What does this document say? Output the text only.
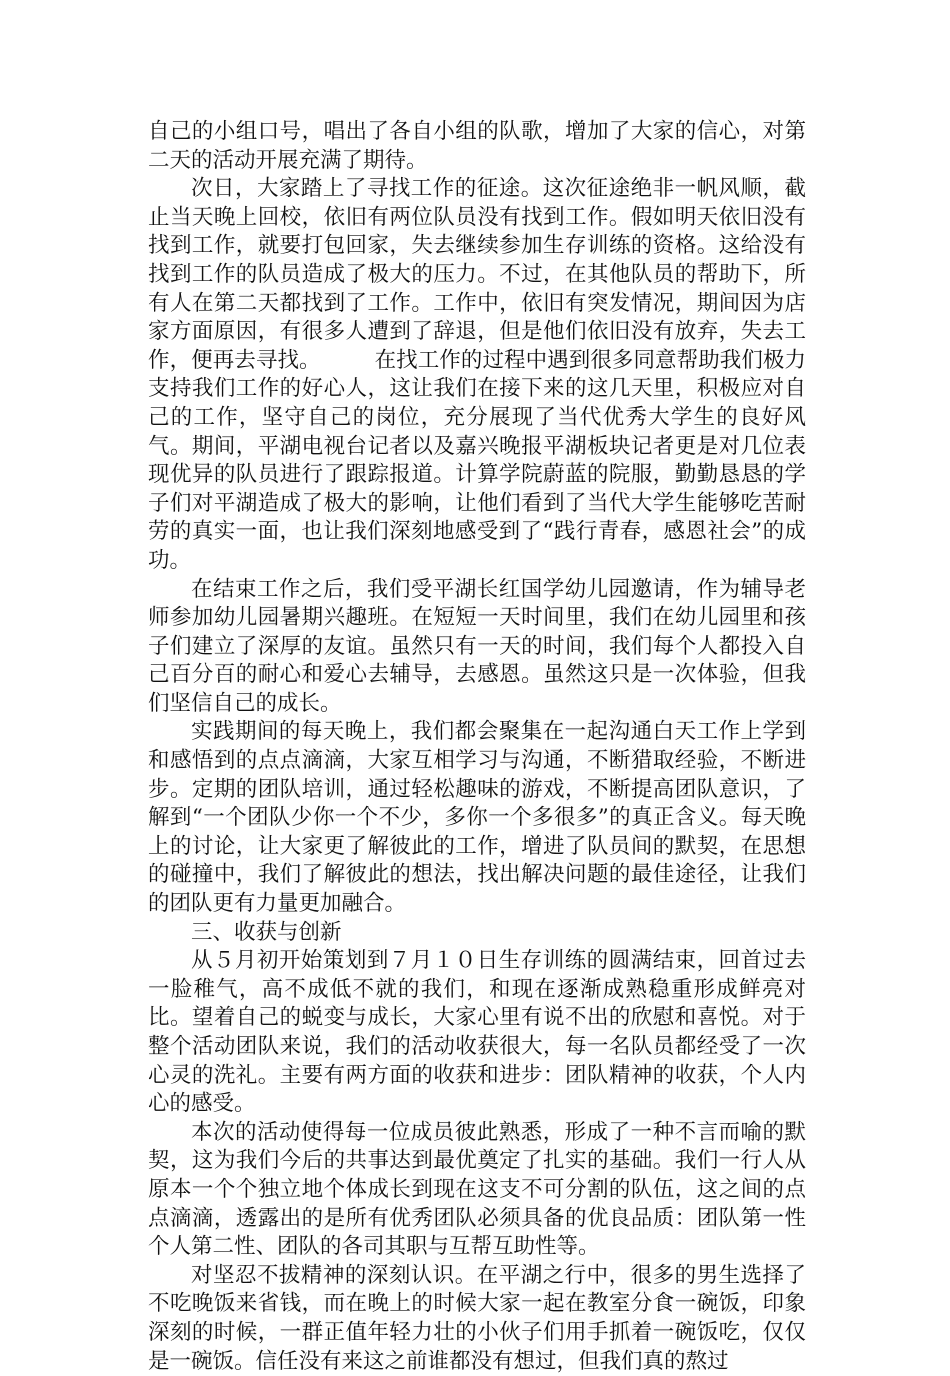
自己的小组口号，唱出了各自小组的队歌，增加了大家的信心，对第二天的活动开展充满了期待。

次日，大家踏上了寻找工作的征途。这次征途绝非一帆风顺，截止当天晚上回校，依旧有两位队员没有找到工作。假如明天依旧没有找到工作，就要打包回家，失去继续参加生存训练的资格。这给没有找到工作的队员造成了极大的压力。不过，在其他队员的帮助下，所有人在第二天都找到了工作。工作中，依旧有突发情况，期间因为店家方面原因，有很多人遭到了辞退，但是他们依旧没有放弃，失去工作，便再去寻找。　　　在找工作的过程中遇到很多同意帮助我们极力支持我们工作的好心人，这让我们在接下来的这几天里，积极应对自己的工作，坚守自己的岗位，充分展现了当代优秀大学生的良好风气。期间，平湖电视台记者以及嘉兴晚报平湖板块记者更是对几位表现优异的队员进行了跟踪报道。计算学院蔚蓝的院服，勤勤恳恳的学子们对平湖造成了极大的影响，让他们看到了当代大学生能够吃苦耐劳的真实一面，也让我们深刻地感受到了“践行青春，感恩社会”的成功。

在结束工作之后，我们受平湖长红国学幼儿园邀请，作为辅导老师参加幼儿园暑期兴趣班。在短短一天时间里，我们在幼儿园里和孩子们建立了深厚的友谊。虽然只有一天的时间，我们每个人都投入自己百分百的耐心和爱心去辅导，去感恩。虽然这只是一次体验，但我们坚信自己的成长。

实践期间的每天晚上，我们都会聚集在一起沟通白天工作上学到和感悟到的点点滴滴，大家互相学习与沟通，不断猎取经验，不断进步。定期的团队培训，通过轻松趣味的游戏，不断提高团队意识，了解到“一个团队少你一个不少，多你一个多很多”的真正含义。每天晚上的讨论，让大家更了解彼此的工作，增进了队员间的默契，在思想的碰撞中，我们了解彼此的想法，找出解决问题的最佳途径，让我们的团队更有力量更加融合。

三、收获与创新

从５月初开始策划到７月１０日生存训练的圆满结束，回首过去一脸稚气，高不成低不就的我们，和现在逐渐成熟稳重形成鲜亮对比。望着自己的蜕变与成长，大家心里有说不出的欣慰和喜悦。对于整个活动团队来说，我们的活动收获很大，每一名队员都经受了一次心灵的洗礼。主要有两方面的收获和进步：团队精神的收获，个人内心的感受。

本次的活动使得每一位成员彼此熟悉，形成了一种不言而喻的默契，这为我们今后的共事达到最优奠定了扎实的基础。我们一行人从原本一个个独立地个体成长到现在这支不可分割的队伍，这之间的点点滴滴，透露出的是所有优秀团队必须具备的优良品质：团队第一性个人第二性、团队的各司其职与互帮互助性等。

对坚忍不拔精神的深刻认识。在平湖之行中，很多的男生选择了不吃晚饭来省钱，而在晚上的时候大家一起在教室分食一碗饭，印象深刻的时候，一群正值年轻力壮的小伙子们用手抓着一碗饭吃，仅仅是一碗饭。信任没有来这之前谁都没有想过，但我们真的熬过
